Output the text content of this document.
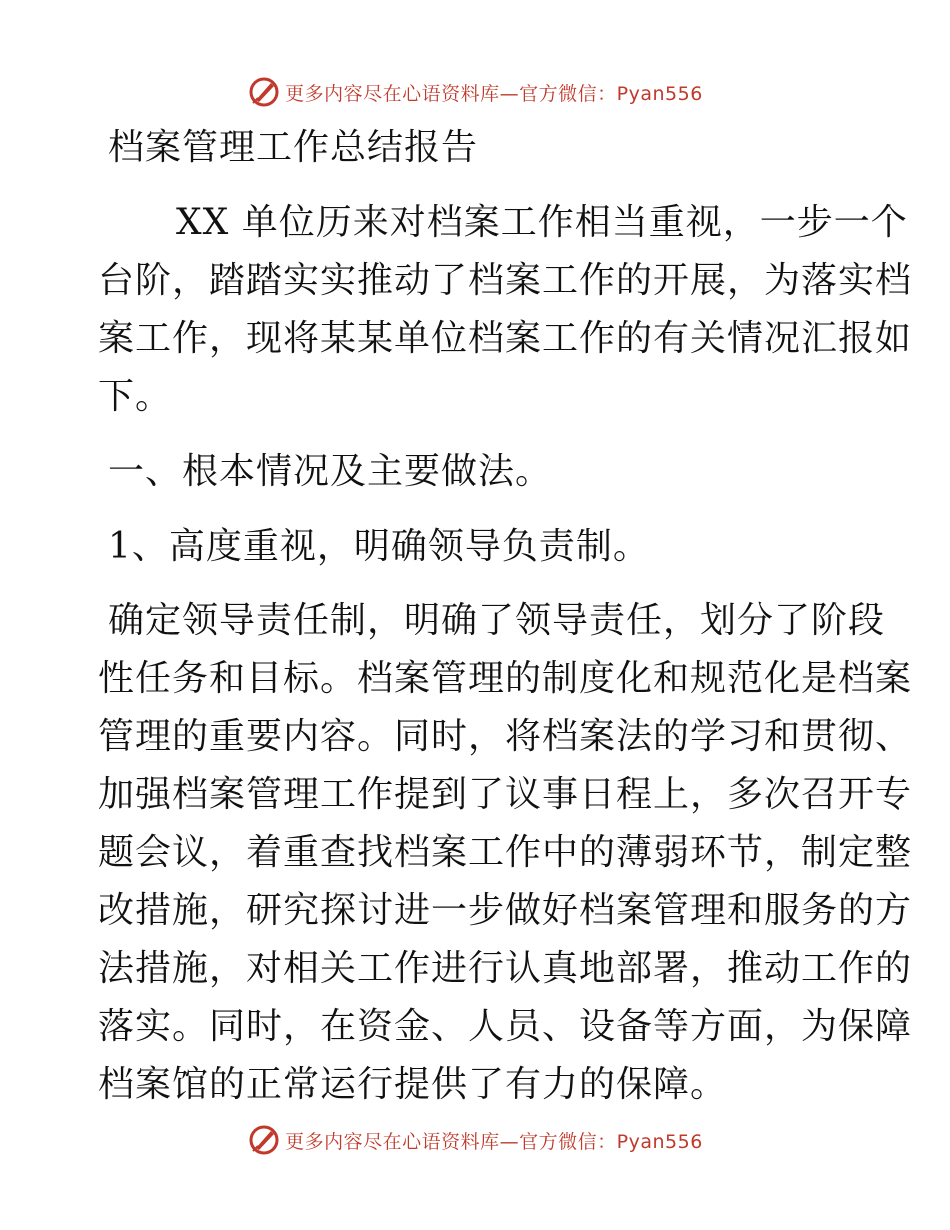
更多内容尽在心语资料库—官方微信：Pyan556
档案管理工作总结报告
XX 单位历来对档案工作相当重视，一步一个
台阶，踏踏实实推动了档案工作的开展，为落实档
案工作，现将某某单位档案工作的有关情况汇报如
下。
一、根本情况及主要做法。
1、高度重视，明确领导负责制。
确定领导责任制，明确了领导责任，划分了阶段
性任务和目标。档案管理的制度化和规范化是档案
管理的重要内容。同时，将档案法的学习和贯彻、
加强档案管理工作提到了议事日程上，多次召开专
题会议，着重查找档案工作中的薄弱环节，制定整
改措施，研究探讨进一步做好档案管理和服务的方
法措施，对相关工作进行认真地部署，推动工作的
落实。同时，在资金、人员、设备等方面，为保障
档案馆的正常运行提供了有力的保障。
更多内容尽在心语资料库—官方微信：Pyan556
